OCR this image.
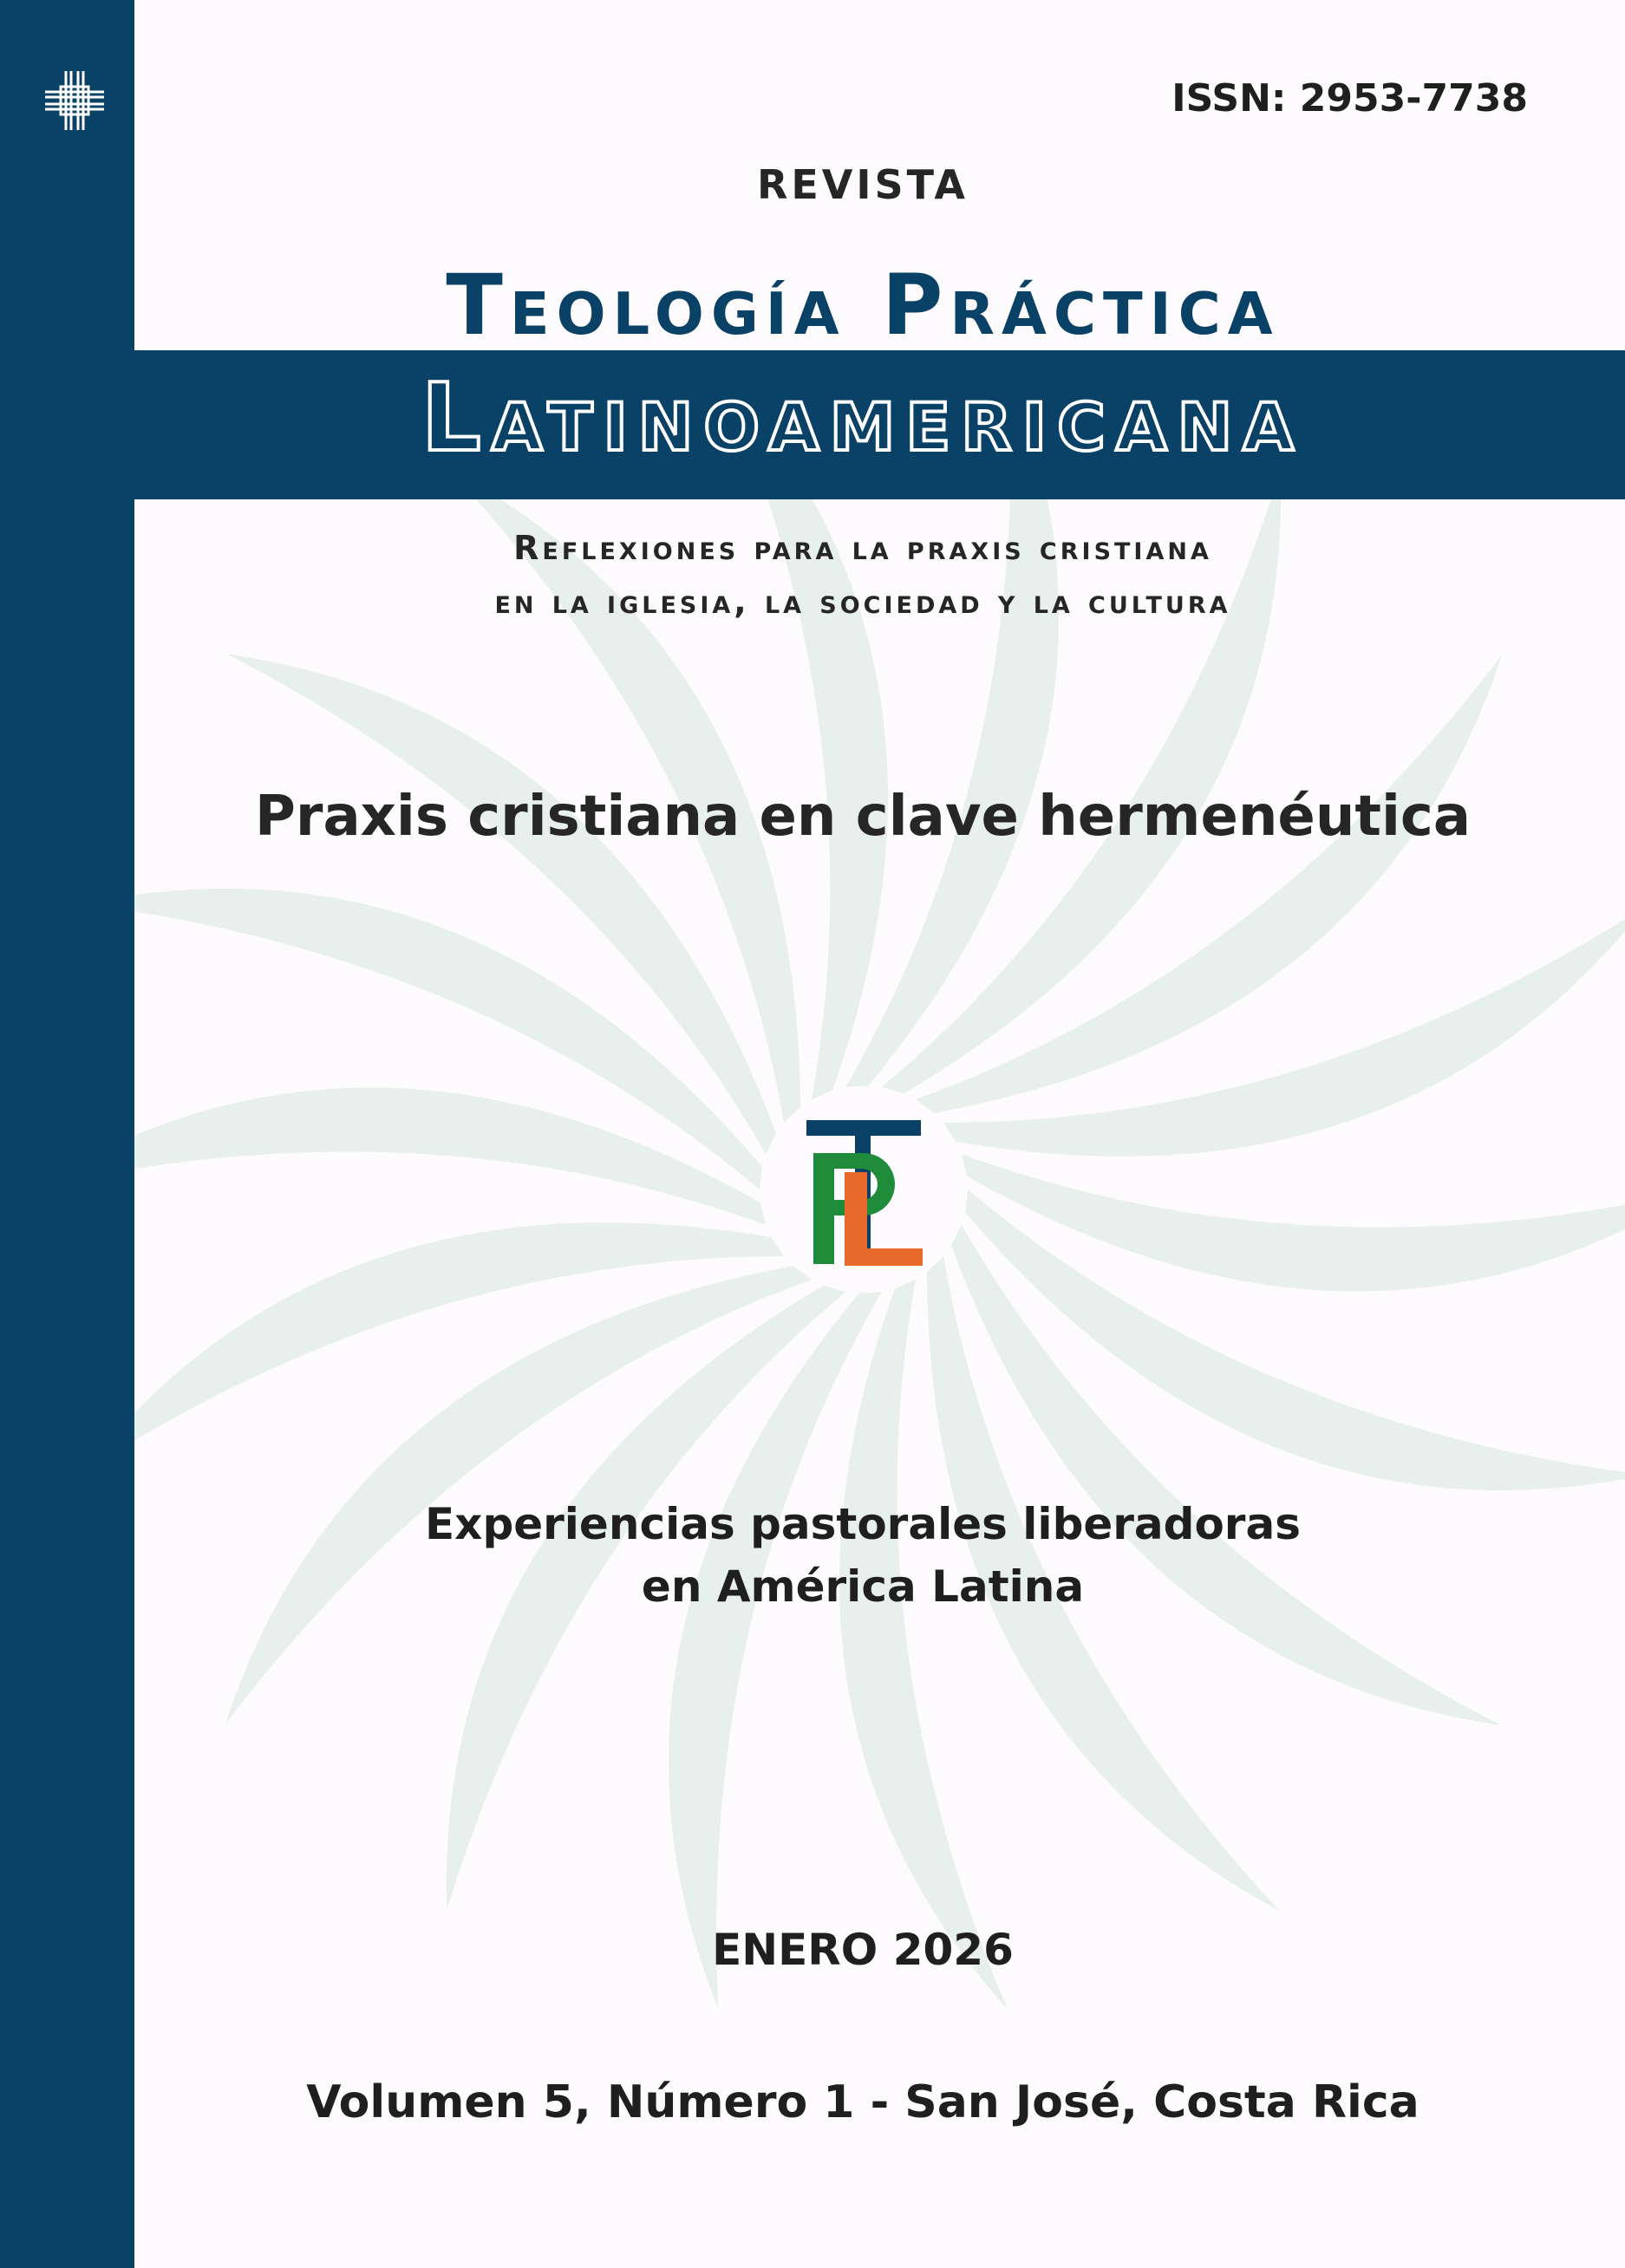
ISSN: 2953-7738

REVISTA

Teología Práctica

Latinoamericana

Reflexiones para la praxis cristiana

en la iglesia, la sociedad y la cultura

Praxis cristiana en clave hermenéutica

Experiencias pastorales liberadoras
en América Latina

ENERO 2026

Volumen 5, Número 1 - San José, Costa Rica
